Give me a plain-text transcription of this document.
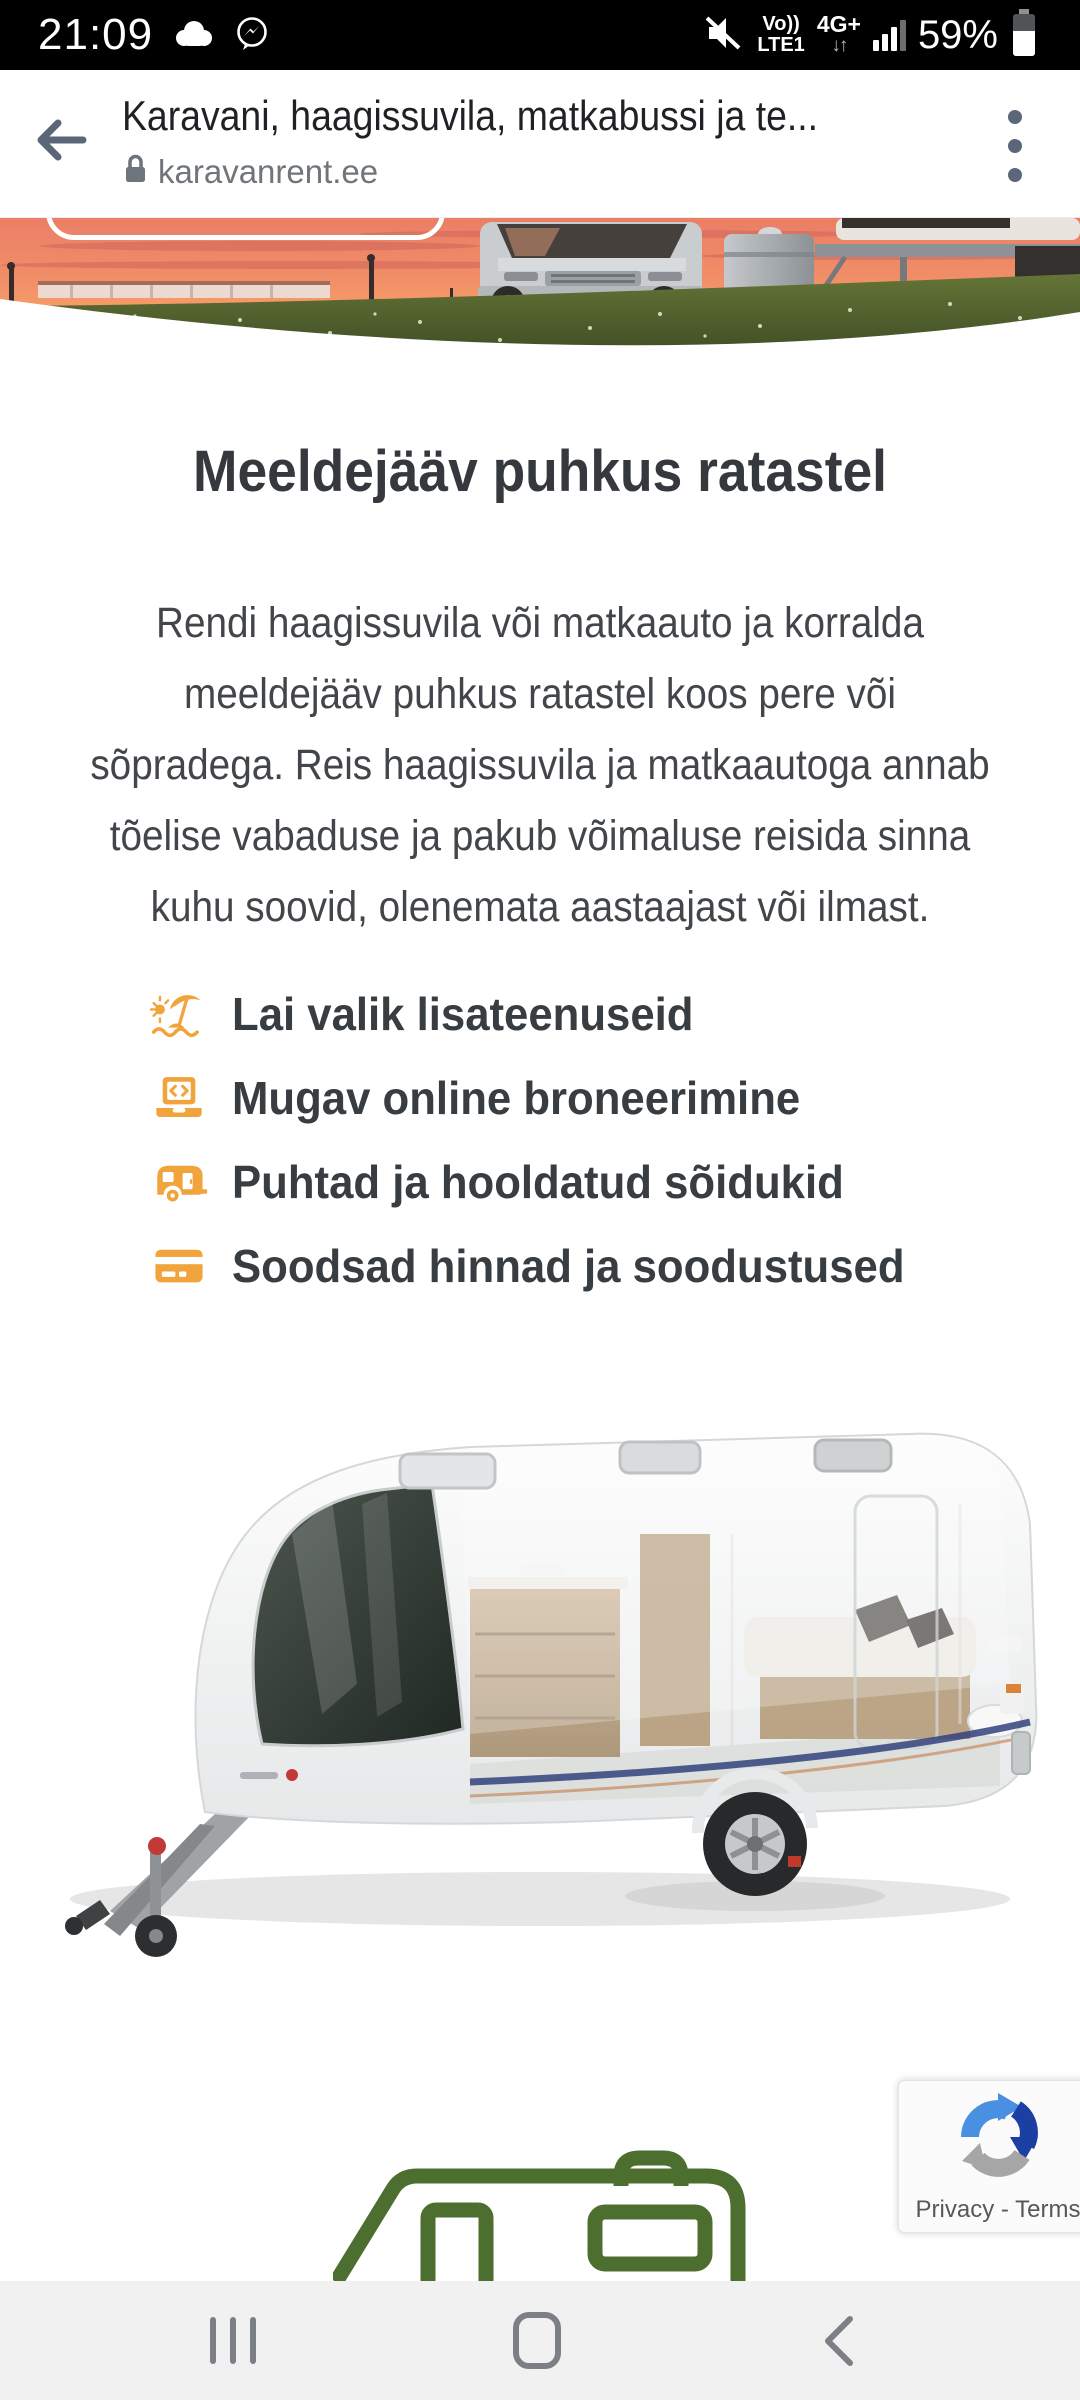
21:09	Vo))
LTE1
4G+
↓↑ 59%
Karavani, haagissuvila, matkabussi ja te...
karavanrent.ee
Meeldejääv puhkus ratastel
Rendi haagissuvila või matkaauto ja korralda
meeldejääv puhkus ratastel koos pere või
sõpradega. Reis haagissuvila ja matkaautoga annab
tõelise vabaduse ja pakub võimaluse reisida sinna
kuhu soovid, olenemata aastaajast või ilmast.
Lai valik lisateenuseid
Mugav online broneerimine
Puhtad ja hooldatud sõidukid
Soodsad hinnad ja soodustused
Privacy - Terms
